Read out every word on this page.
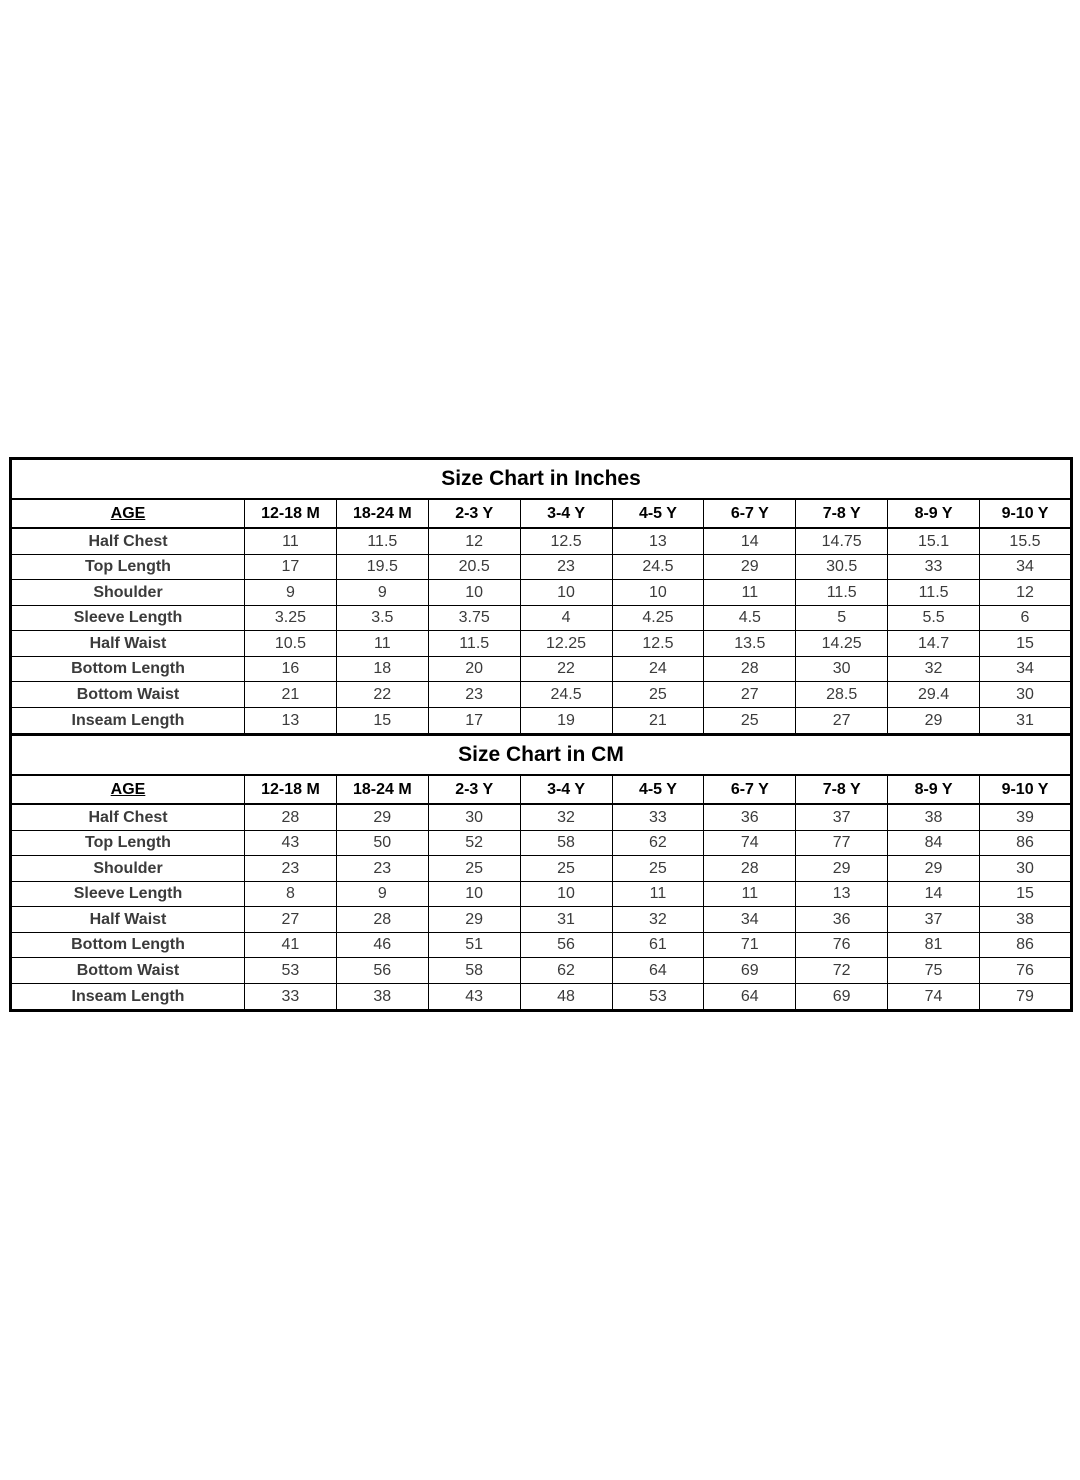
Size Chart in Inches									
AGE	12-18 M	18-24 M	2-3 Y	3-4 Y	4-5 Y	6-7 Y	7-8 Y	8-9 Y	9-10 Y
Half Chest	11	11.5	12	12.5	13	14	14.75	15.1	15.5
Top Length	17	19.5	20.5	23	24.5	29	30.5	33	34
Shoulder	9	9	10	10	10	11	11.5	11.5	12
Sleeve Length	3.25	3.5	3.75	4	4.25	4.5	5	5.5	6
Half Waist	10.5	11	11.5	12.25	12.5	13.5	14.25	14.7	15
Bottom Length	16	18	20	22	24	28	30	32	34
Bottom Waist	21	22	23	24.5	25	27	28.5	29.4	30
Inseam Length	13	15	17	19	21	25	27	29	31
Size Chart in CM									
AGE	12-18 M	18-24 M	2-3 Y	3-4 Y	4-5 Y	6-7 Y	7-8 Y	8-9 Y	9-10 Y
Half Chest	28	29	30	32	33	36	37	38	39
Top Length	43	50	52	58	62	74	77	84	86
Shoulder	23	23	25	25	25	28	29	29	30
Sleeve Length	8	9	10	10	11	11	13	14	15
Half Waist	27	28	29	31	32	34	36	37	38
Bottom Length	41	46	51	56	61	71	76	81	86
Bottom Waist	53	56	58	62	64	69	72	75	76
Inseam Length	33	38	43	48	53	64	69	74	79
